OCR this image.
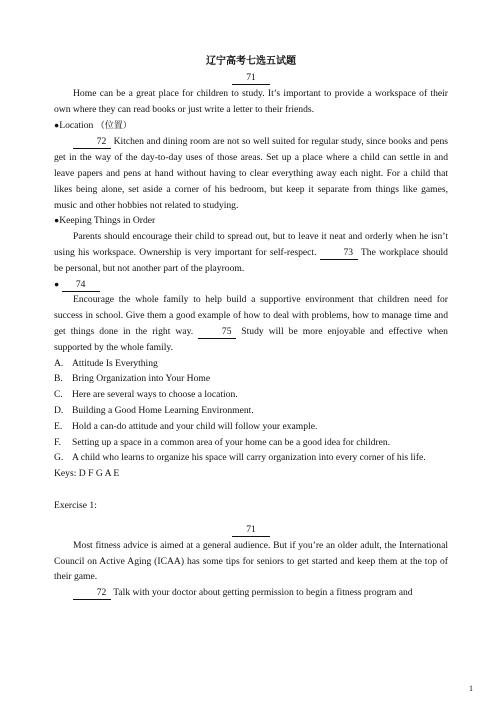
辽宁高考七选五试题
71

Home can be a great place for children to study. It’s important to provide a workspace of their own where they can read books or just write a letter to their friends.

●Location （位置）

72 Kitchen and dining room are not so well suited for regular study, since books and pens get in the way of the day-to-day uses of those areas. Set up a place where a child can settle in and leave papers and pens at hand without having to clear everything away each night. For a child that likes being alone, set aside a corner of his bedroom, but keep it separate from things like games, music and other hobbies not related to studying.

●Keeping Things in Order

Parents should encourage their child to spread out, but to leave it neat and orderly when he isn’t using his workspace. Ownership is very important for self-respect.	73 The workplace should be personal, but not another part of the playroom.

● 74

Encourage the whole family to help build a supportive environment that children need for success in school. Give them a good example of how to deal with problems, how to manage time and get things done in the right way.	75 Study will be more enjoyable and effective when supported by the whole family.

A. Attitude Is Everything
B. Bring Organization into Your Home
C. Here are several ways to choose a location.
D. Building a Good Home Learning Environment.
E.	Hold a can-do attitude and your child will follow your example.
F.	Setting up a space in a common area of your home can be a good idea for children.
G. A child who learns to organize his space will carry organization into every corner of his life.

Keys: D F G A E

Exercise 1:

71

Most fitness advice is aimed at a general audience. But if you’re an older adult, the International Council on Active Aging (ICAA) has some tips for seniors to get started and keep them at the top of their game.

72 Talk with your doctor about getting permission to begin a fitness program and

1
